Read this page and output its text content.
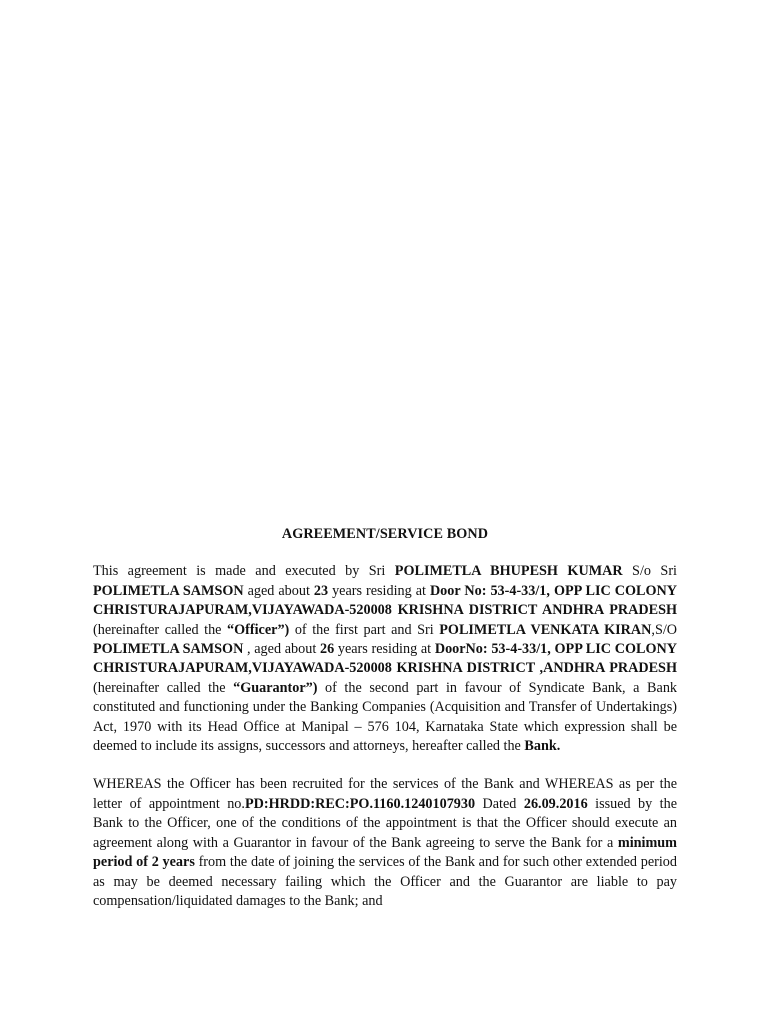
AGREEMENT/SERVICE BOND

This agreement is made and executed by Sri POLIMETLA BHUPESH KUMAR S/o Sri POLIMETLA SAMSON aged about 23 years residing at Door No: 53-4-33/1, OPP LIC COLONY CHRISTURAJAPURAM,VIJAYAWADA-520008 KRISHNA DISTRICT ANDHRA PRADESH (hereinafter called the “Officer”) of the first part and Sri POLIMETLA VENKATA KIRAN,S/O POLIMETLA SAMSON , aged about 26 years residing at DoorNo: 53-4-33/1, OPP LIC COLONY CHRISTURAJAPURAM,VIJAYAWADA-520008 KRISHNA DISTRICT ,ANDHRA PRADESH (hereinafter called the “Guarantor”) of the second part in favour of Syndicate Bank, a Bank constituted and functioning under the Banking Companies (Acquisition and Transfer of Undertakings) Act, 1970 with its Head Office at Manipal – 576 104, Karnataka State which expression shall be deemed to include its assigns, successors and attorneys, hereafter called the Bank.

WHEREAS the Officer has been recruited for the services of the Bank and WHEREAS as per the letter of appointment no.PD:HRDD:REC:PO.1160.1240107930 Dated 26.09.2016 issued by the Bank to the Officer, one of the conditions of the appointment is that the Officer should execute an agreement along with a Guarantor in favour of the Bank agreeing to serve the Bank for a minimum period of 2 years from the date of joining the services of the Bank and for such other extended period as may be deemed necessary failing which the Officer and the Guarantor are liable to pay compensation/liquidated damages to the Bank; and
